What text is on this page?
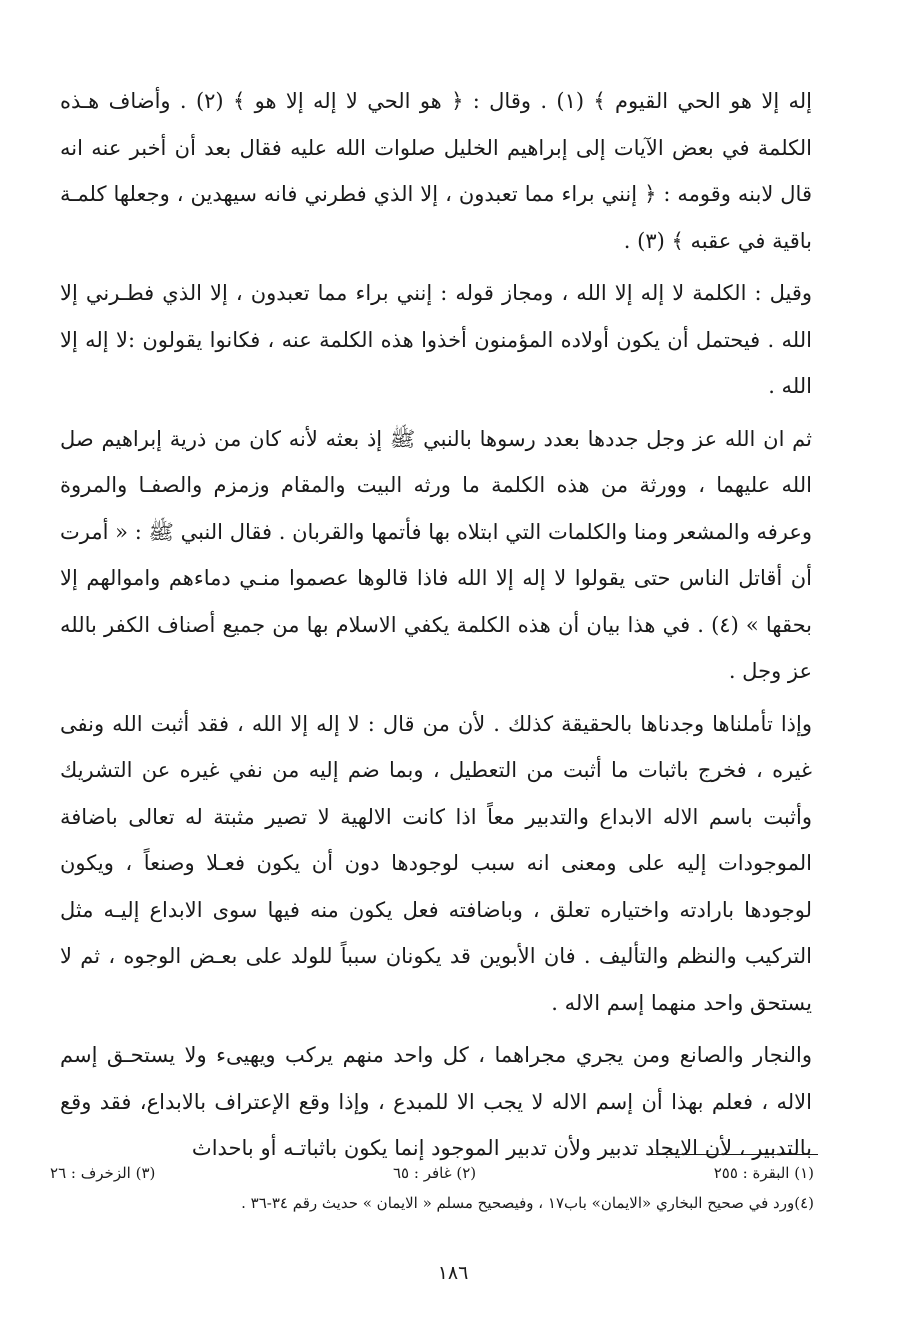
إله إلا هو الحي القيوم ﴾ (١) . وقال : ﴿ هو الحي لا إله إلا هو ﴾ (٢) . وأضاف هـذه الكلمة في بعض الآيات إلى إبراهيم الخليل صلوات الله عليه فقال بعد أن أخبر عنه انه قال لابنه وقومه : ﴿ إنني براء مما تعبدون ، إلا الذي فطرني فانه سيهدين ، وجعلها كلمـة باقية في عقبه ﴾ (٣) .

وقيل : الكلمة لا إله إلا الله ، ومجاز قوله : إنني براء مما تعبدون ، إلا الذي فطـرني إلا الله . فيحتمل أن يكون أولاده المؤمنون أخذوا هذه الكلمة عنه ، فكانوا يقولون :لا إله إلا الله .

ثم ان الله عز وجل جددها بعدد رسوها بالنبي ﷺ إذ بعثه لأنه كان من ذرية إبراهيم صل الله عليهما ، وورثة من هذه الكلمة ما ورثه البيت والمقام وزمزم والصفـا والمروة وعرفه والمشعر ومنا والكلمات التي ابتلاه بها فأتمها والقربان . فقال النبي ﷺ : « أمرت أن أقاتل الناس حتى يقولوا لا إله إلا الله فاذا قالوها عصموا منـي دماءهم واموالهم إلا بحقها » (٤) . في هذا بيان أن هذه الكلمة يكفي الاسلام بها من جميع أصناف الكفر بالله عز وجل .

وإذا تأملناها وجدناها بالحقيقة كذلك . لأن من قال : لا إله إلا الله ، فقد أثبت الله ونفى غيره ، فخرج باثبات ما أثبت من التعطيل ، وبما ضم إليه من نفي غيره عن التشريك وأثبت باسم الاله الابداع والتدبير معاً اذا كانت الالهية لا تصير مثبتة له تعالى باضافة الموجودات إليه على ومعنى انه سبب لوجودها دون أن يكون فعـلا وصنعاً ، ويكون لوجودها بارادته واختياره تعلق ، وباضافته فعل يكون منه فيها سوى الابداع إليـه مثل التركيب والنظم والتأليف . فان الأبوين قد يكونان سبباً للولد على بعـض الوجوه ، ثم لا يستحق واحد منهما إسم الاله .

والنجار والصانع ومن يجري مجراهما ، كل واحد منهم يركب ويهيىء ولا يستحـق إسم الاله ، فعلم بهذا أن إسم الاله لا يجب الا للمبدع ، وإذا وقع الإعتراف بالابداع، فقد وقع بالتدبير ، لأن الايجاد تدبير ولأن تدبير الموجود إنما يكون باثباتـه أو باحداث

(١) البقرة : ٢٥٥
(٢) غافر : ٦٥
(٣) الزخرف : ٢٦
(٤)ورد في صحيح البخاري «الايمان» باب١٧ ، وفيصحيح مسلم « الايمان » حديث رقم ٣٤-٣٦ .
١٨٦
